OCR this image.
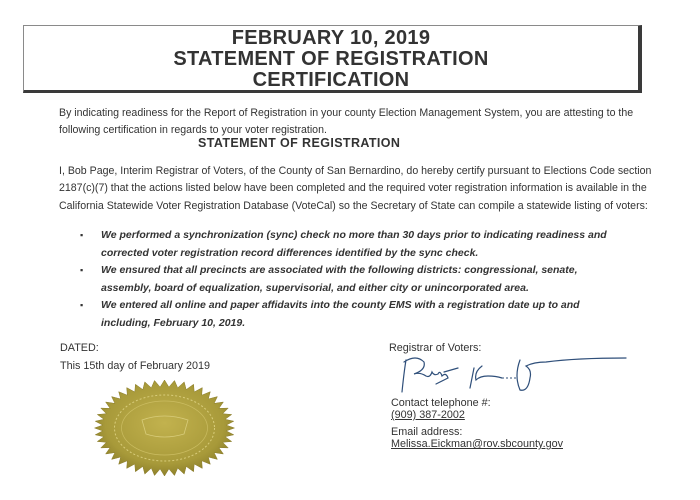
FEBRUARY 10, 2019
STATEMENT OF REGISTRATION
CERTIFICATION
By indicating readiness for the Report of Registration in your county Election Management System, you are attesting to the following certification in regards to your voter registration.
STATEMENT OF REGISTRATION
I, Bob Page, Interim Registrar of Voters, of the County of San Bernardino, do hereby certify pursuant to Elections Code section 2187(c)(7) that the actions listed below have been completed and the required voter registration information is available in the California Statewide Voter Registration Database (VoteCal) so the Secretary of State can compile a statewide listing of voters:
▪ We performed a synchronization (sync) check no more than 30 days prior to indicating readiness and corrected voter registration record differences identified by the sync check.
▪ We ensured that all precincts are associated with the following districts: congressional, senate, assembly, board of equalization, supervisorial, and either city or unincorporated area.
▪ We entered all online and paper affidavits into the county EMS with a registration date up to and including, February 10, 2019.
DATED:
This 15th day of February 2019
Registrar of Voters:
Contact telephone #:
(909) 387-2002
Email address:
Melissa.Eickman@rov.sbcounty.gov
